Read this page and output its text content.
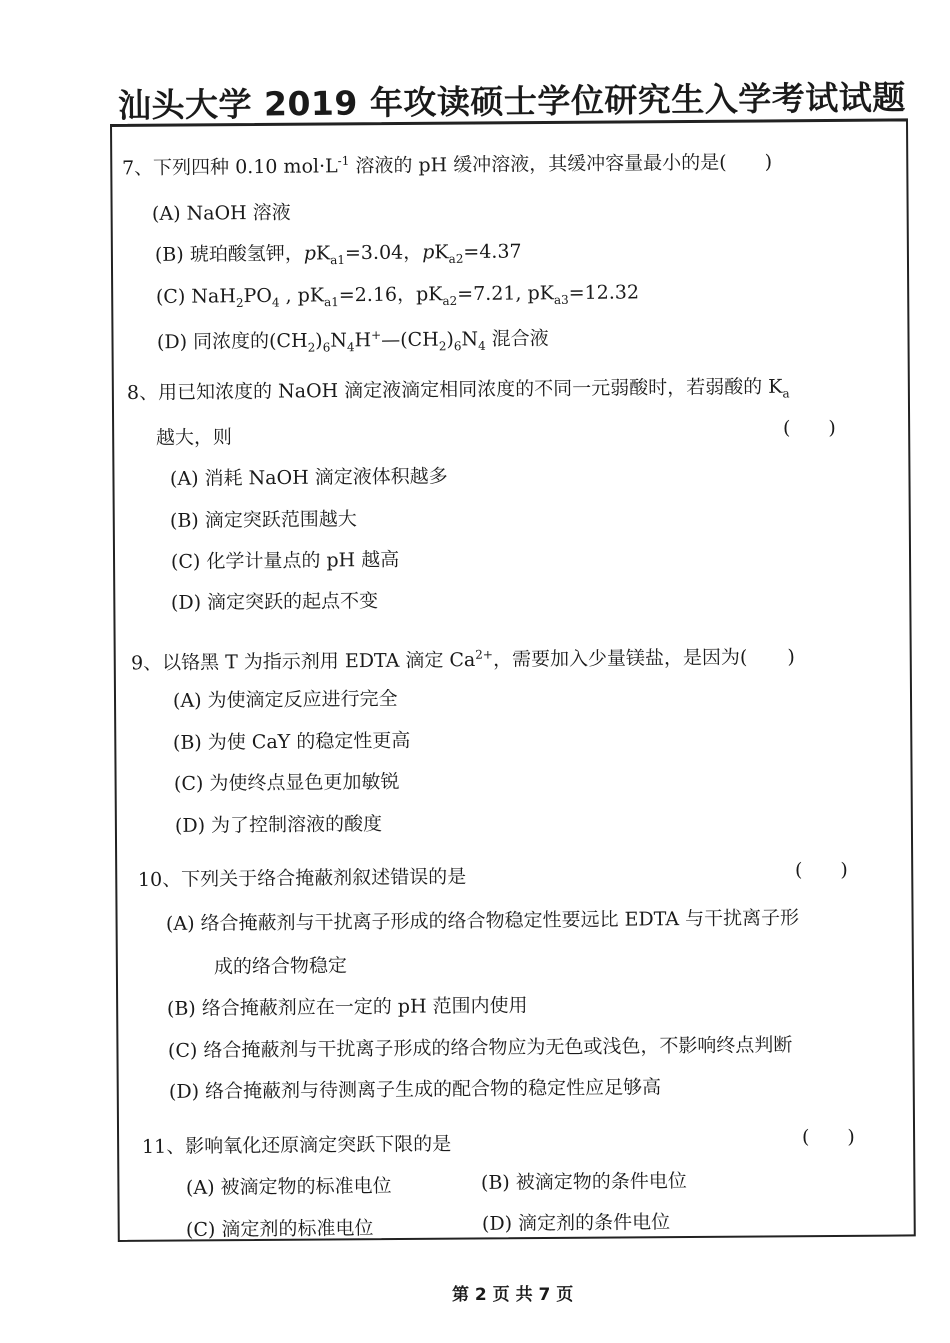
汕头大学 2019 年攻读硕士学位研究生入学考试试题
7、下列四种 0.10 $mol\cdot L^{-1}$ 溶液的 pH 缓冲溶液，其缓冲容量最小的是( )
(A) NaOH 溶液
(B) 琥珀酸氢钾，$pK_{a1}=3.04$，$pK_{a2}=4.37$
(C) $NaH_2PO_4$ , $pK_{a1}=2.16$，$pK_{a2}=7.21$, $pK_{a3}=12.32$
(D) 同浓度的$(CH_2)_6N_4H^+—(CH_2)_6N_4$ 混合液
8、用已知浓度的 NaOH 滴定液滴定相同浓度的不同一元弱酸时，若弱酸的 $K_a$
越大，则	(　　)
(A) 消耗 NaOH 滴定液体积越多
(B) 滴定突跃范围越大
(C) 化学计量点的 pH 越高
(D) 滴定突跃的起点不变
9、以铬黑 T 为指示剂用 EDTA 滴定 $Ca^{2+}$，需要加入少量镁盐，是因为( )
(A) 为使滴定反应进行完全
(B) 为使 CaY 的稳定性更高
(C) 为使终点显色更加敏锐
(D) 为了控制溶液的酸度
10、下列关于络合掩蔽剂叙述错误的是	(　　)
(A) 络合掩蔽剂与干扰离子形成的络合物稳定性要远比 EDTA 与干扰离子形
成的络合物稳定
(B) 络合掩蔽剂应在一定的 pH 范围内使用
(C) 络合掩蔽剂与干扰离子形成的络合物应为无色或浅色，不影响终点判断
(D) 络合掩蔽剂与待测离子生成的配合物的稳定性应足够高
11、影响氧化还原滴定突跃下限的是	(　　)
(A) 被滴定物的标准电位	(B) 被滴定物的条件电位
(C) 滴定剂的标准电位	(D) 滴定剂的条件电位
第 2 页 共 7 页
